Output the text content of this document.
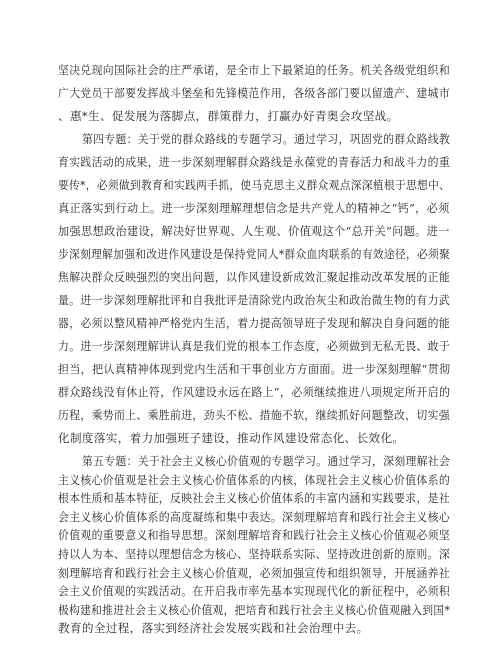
坚决兑现向国际社会的庄严承诺，是全市上下最紧迫的任务。机关各级党组织和
广大党员干部要发挥战斗堡垒和先锋模范作用，各级各部门要以留遗产、建城市
、惠*生、促发展为落脚点，群策群力，打赢办好青奥会攻坚战。
第四专题：关于党的群众路线的专题学习。通过学习，巩固党的群众路线教
育实践活动的成果，进一步深刻理解群众路线是永葆党的青春活力和战斗力的重
要传*，必须做到教育和实践两手抓，使马克思主义群众观点深深植根于思想中、
真正落实到行动上。进一步深刻理解理想信念是共产党人的精神之“钙”，必须
加强思想政治建设，解决好世界观、人生观、价值观这个“总开关”问题。进一
步深刻理解加强和改进作风建设是保持党同人*群众血肉联系的有效途径，必须聚
焦解决群众反映强烈的突出问题，以作风建设新成效汇聚起推动改革发展的正能
量。进一步深刻理解批评和自我批评是清除党内政治灰尘和政治微生物的有力武
器，必须以整风精神严格党内生活，着力提高领导班子发现和解决自身问题的能
力。进一步深刻理解讲认真是我们党的根本工作态度，必须做到无私无畏、敢于
担当，把认真精神体现到党内生活和干事创业方方面面。进一步深刻理解“贯彻
群众路线没有休止符，作风建设永远在路上”，必须继续推进八项规定所开启的
历程，乘势而上、乘胜前进，劲头不松、措施不软，继续抓好问题整改，切实强
化制度落实，着力加强班子建设，推动作风建设常态化、长效化。
第五专题：关于社会主义核心价值观的专题学习。通过学习，深刻理解社会
主义核心价值观是社会主义核心价值体系的内核，体现社会主义核心价值体系的
根本性质和基本特征，反映社会主义核心价值体系的丰富内涵和实践要求，是社
会主义核心价值体系的高度凝练和集中表达。深刻理解培育和践行社会主义核心
价值观的重要意义和指导思想。深刻理解培育和践行社会主义核心价值观必须坚
持以人为本、坚持以理想信念为核心、坚持联系实际、坚持改进创新的原则。深
刻理解培育和践行社会主义核心价值观，必须加强宣传和组织领导，开展涵养社
会主义价值观的实践活动。在开启我市率先基本实现现代化的新征程中，必须积
极构建和推进社会主义核心价值观，把培育和践行社会主义核心价值观融入到国*
教育的全过程，落实到经济社会发展实践和社会治理中去。
